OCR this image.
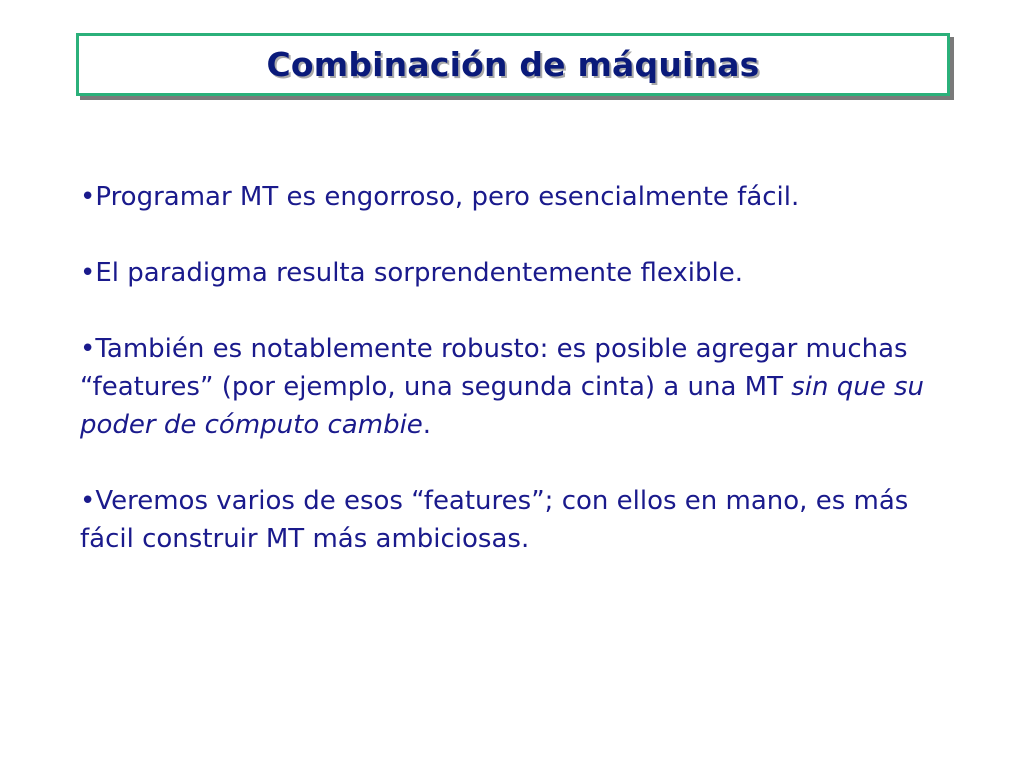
Combinación de máquinas

•Programar MT es engorroso, pero esencialmente fácil.

•El paradigma resulta sorprendentemente flexible.

•También es notablemente robusto: es posible agregar muchas “features” (por ejemplo, una segunda cinta) a una MT sin que su poder de cómputo cambie.

•Veremos varios de esos “features”; con ellos en mano, es más fácil construir MT más ambiciosas.
